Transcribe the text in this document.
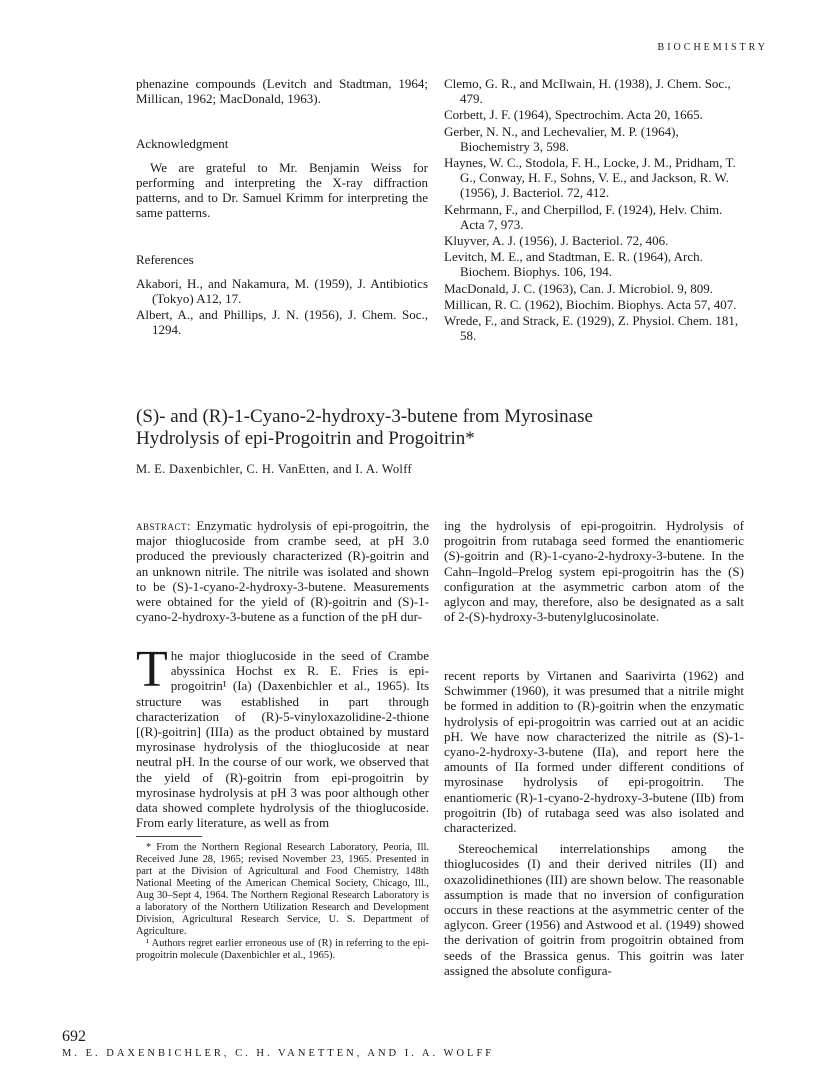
BIOCHEMISTRY

phenazine compounds (Levitch and Stadtman, 1964; Millican, 1962; MacDonald, 1963).

Acknowledgment

We are grateful to Mr. Benjamin Weiss for performing and interpreting the X-ray diffraction patterns, and to Dr. Samuel Krimm for interpreting the same patterns.

References

Akabori, H., and Nakamura, M. (1959), J. Antibiotics (Tokyo) A12, 17.

Albert, A., and Phillips, J. N. (1956), J. Chem. Soc., 1294.

Clemo, G. R., and McIlwain, H. (1938), J. Chem. Soc., 479.

Corbett, J. F. (1964), Spectrochim. Acta 20, 1665.

Gerber, N. N., and Lechevalier, M. P. (1964), Biochemistry 3, 598.

Haynes, W. C., Stodola, F. H., Locke, J. M., Pridham, T. G., Conway, H. F., Sohns, V. E., and Jackson, R. W. (1956), J. Bacteriol. 72, 412.

Kehrmann, F., and Cherpillod, F. (1924), Helv. Chim. Acta 7, 973.

Kluyver, A. J. (1956), J. Bacteriol. 72, 406.

Levitch, M. E., and Stadtman, E. R. (1964), Arch. Biochem. Biophys. 106, 194.

MacDonald, J. C. (1963), Can. J. Microbiol. 9, 809.

Millican, R. C. (1962), Biochim. Biophys. Acta 57, 407.

Wrede, F., and Strack, E. (1929), Z. Physiol. Chem. 181, 58.

(S)- and (R)-1-Cyano-2-hydroxy-3-butene from Myrosinase
Hydrolysis of epi-Progoitrin and Progoitrin*
M. E. Daxenbichler, C. H. VanEtten, and I. A. Wolff
abstract: Enzymatic hydrolysis of epi-progoitrin, the major thioglucoside from crambe seed, at pH 3.0 produced the previously characterized (R)-goitrin and an unknown nitrile. The nitrile was isolated and shown to be (S)-1-cyano-2-hydroxy-3-butene. Measurements were obtained for the yield of (R)-goitrin and (S)-1-cyano-2-hydroxy-3-butene as a function of the pH dur-
ing the hydrolysis of epi-progoitrin. Hydrolysis of progoitrin from rutabaga seed formed the enantiomeric (S)-goitrin and (R)-1-cyano-2-hydroxy-3-butene. In the Cahn–Ingold–Prelog system epi-progoitrin has the (S) configuration at the asymmetric carbon atom of the aglycon and may, therefore, also be designated as a salt of 2-(S)-hydroxy-3-butenylglucosinolate.
T he major thioglucoside in the seed of Crambe abyssinica Hochst ex R. E. Fries is epi-progoitrin¹ (Ia) (Daxenbichler et al., 1965). Its structure was established in part through characterization of (R)-5-vinyloxazolidine-2-thione [(R)-goitrin] (IIIa) as the product obtained by mustard myrosinase hydrolysis of the thioglucoside at near neutral pH. In the course of our work, we observed that the yield of (R)-goitrin from epi-progoitrin by myrosinase hydrolysis at pH 3 was poor although other data showed complete hydrolysis of the thioglucoside. From early literature, as well as from

recent reports by Virtanen and Saarivirta (1962) and Schwimmer (1960), it was presumed that a nitrile might be formed in addition to (R)-goitrin when the enzymatic hydrolysis of epi-progoitrin was carried out at an acidic pH. We have now characterized the nitrile as (S)-1-cyano-2-hydroxy-3-butene (IIa), and report here the amounts of IIa formed under different conditions of myrosinase hydrolysis of epi-progoitrin. The enantiomeric (R)-1-cyano-2-hydroxy-3-butene (IIb) from progoitrin (Ib) of rutabaga seed was also isolated and characterized.

Stereochemical interrelationships among the thioglucosides (I) and their derived nitriles (II) and oxazolidinethiones (III) are shown below. The reasonable assumption is made that no inversion of configuration occurs in these reactions at the asymmetric center of the aglycon. Greer (1956) and Astwood et al. (1949) showed the derivation of goitrin from progoitrin obtained from seeds of the Brassica genus. This goitrin was later assigned the absolute configura-

* From the Northern Regional Research Laboratory, Peoria, Ill. Received June 28, 1965; revised November 23, 1965. Presented in part at the Division of Agricultural and Food Chemistry, 148th National Meeting of the American Chemical Society, Chicago, Ill., Aug 30–Sept 4, 1964. The Northern Regional Research Laboratory is a laboratory of the Northern Utilization Research and Development Division, Agricultural Research Service, U. S. Department of Agriculture.

¹ Authors regret earlier erroneous use of (R) in referring to the epi-progoitrin molecule (Daxenbichler et al., 1965).

692
M. E. DAXENBICHLER, C. H. VANETTEN, AND I. A. WOLFF
